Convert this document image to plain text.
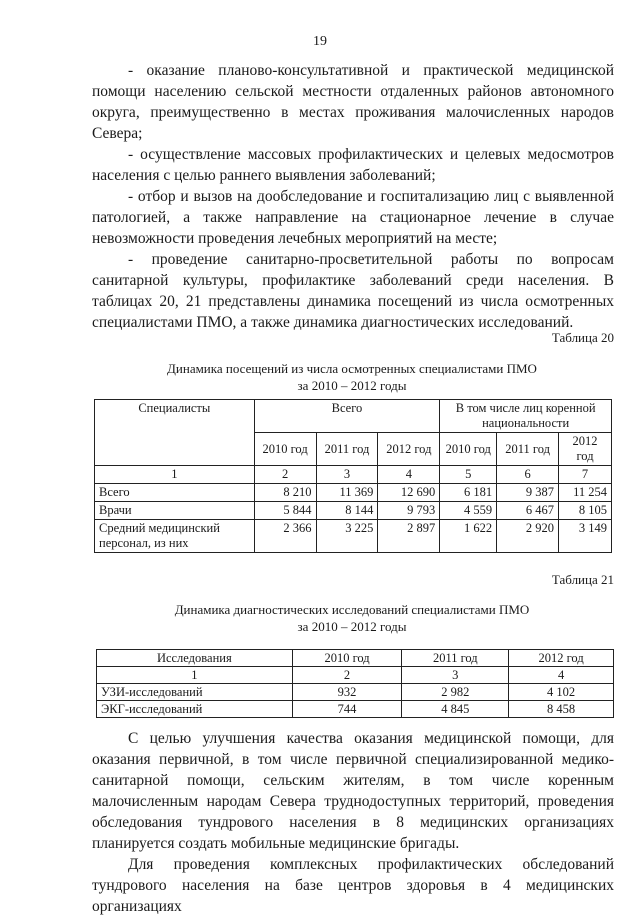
19

- оказание планово-консультативной и практической медицинской помощи населению сельской местности отдаленных районов автономного округа, преимущественно в местах проживания малочисленных народов Севера;

- осуществление массовых профилактических и целевых медосмотров населения с целью раннего выявления заболеваний;

- отбор и вызов на дообследование и госпитализацию лиц с выявленной патологией, а также направление на стационарное лечение в случае невозможности проведения лечебных мероприятий на месте;

- проведение санитарно-просветительной работы по вопросам санитарной культуры, профилактике заболеваний среди населения. В таблицах 20, 21 представлены динамика посещений из числа осмотренных специалистами ПМО, а также динамика диагностических исследований.

Таблица 20
Динамика посещений из числа осмотренных специалистами ПМО
за 2010 – 2012 годы
Специалисты	Всего			В том числе лиц коренной национальности		
	2010 год	2011 год	2012 год	2010 год	2011 год	2012 год
1	2	3	4	5	6	7
Всего	8 210	11 369	12 690	6 181	9 387	11 254
Врачи	5 844	8 144	9 793	4 559	6 467	8 105
Средний медицинский персонал, из них	2 366	3 225	2 897	1 622	2 920	3 149
Таблица 21
Динамика диагностических исследований специалистами ПМО
за 2010 – 2012 годы
Исследования	2010 год	2011 год	2012 год
1	2	3	4
УЗИ-исследований	932	2 982	4 102
ЭКГ-исследований	744	4 845	8 458

С целью улучшения качества оказания медицинской помощи, для оказания первичной, в том числе первичной специализированной медико-санитарной помощи, сельским жителям, в том числе коренным малочисленным народам Севера труднодоступных территорий, проведения обследования тундрового населения в 8 медицинских организациях планируется создать мобильные медицинские бригады.

Для проведения комплексных профилактических обследований тундрового населения на базе центров здоровья в 4 медицинских организациях
